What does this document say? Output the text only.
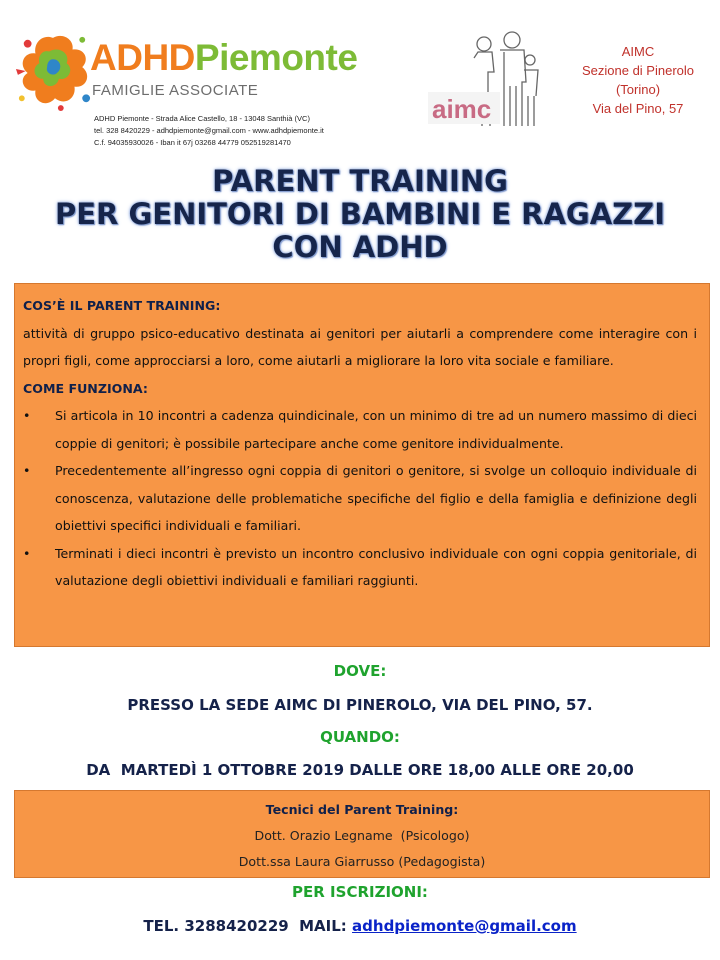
ADHDPiemonte
FAMIGLIE ASSOCIATE
ADHD Piemonte - Strada Alice Castello, 18 - 13048 Santhià (VC)
tel. 328 8420229 - adhdpiemonte@gmail.com - www.adhdpiemonte.it
C.f. 94035930026 - Iban it 67j 03268 44779 052519281470
aimc
AIMC
Sezione di Pinerolo
(Torino)
Via del Pino, 57
PARENT TRAINING
PER GENITORI DI BAMBINI E RAGAZZI
CON ADHD
COS’È IL PARENT TRAINING:
attività di gruppo psico-educativo destinata ai genitori per aiutarli a comprendere come interagire con i propri figli, come approcciarsi a loro, come aiutarli a migliorare la loro vita sociale e familiare.
COME FUNZIONA:
•	Si articola in 10 incontri a cadenza quindicinale, con un minimo di tre ad un numero massimo di dieci coppie di genitori; è possibile partecipare anche come genitore individualmente.
•	Precedentemente all’ingresso ogni coppia di genitori o genitore, si svolge un colloquio individuale di conoscenza, valutazione delle problematiche specifiche del figlio e della famiglia e definizione degli obiettivi specifici individuali e familiari.
•	Terminati i dieci incontri è previsto un incontro conclusivo individuale con ogni coppia genitoriale, di valutazione degli obiettivi individuali e familiari raggiunti.
DOVE:
PRESSO LA SEDE AIMC DI PINEROLO, VIA DEL PINO, 57.
QUANDO:
DA  MARTEDÌ 1 OTTOBRE 2019 DALLE ORE 18,00 ALLE ORE 20,00
Tecnici del Parent Training:
Dott. Orazio Legname  (Psicologo)
Dott.ssa Laura Giarrusso (Pedagogista)
PER ISCRIZIONI:
TEL. 3288420229  MAIL: adhdpiemonte@gmail.com
